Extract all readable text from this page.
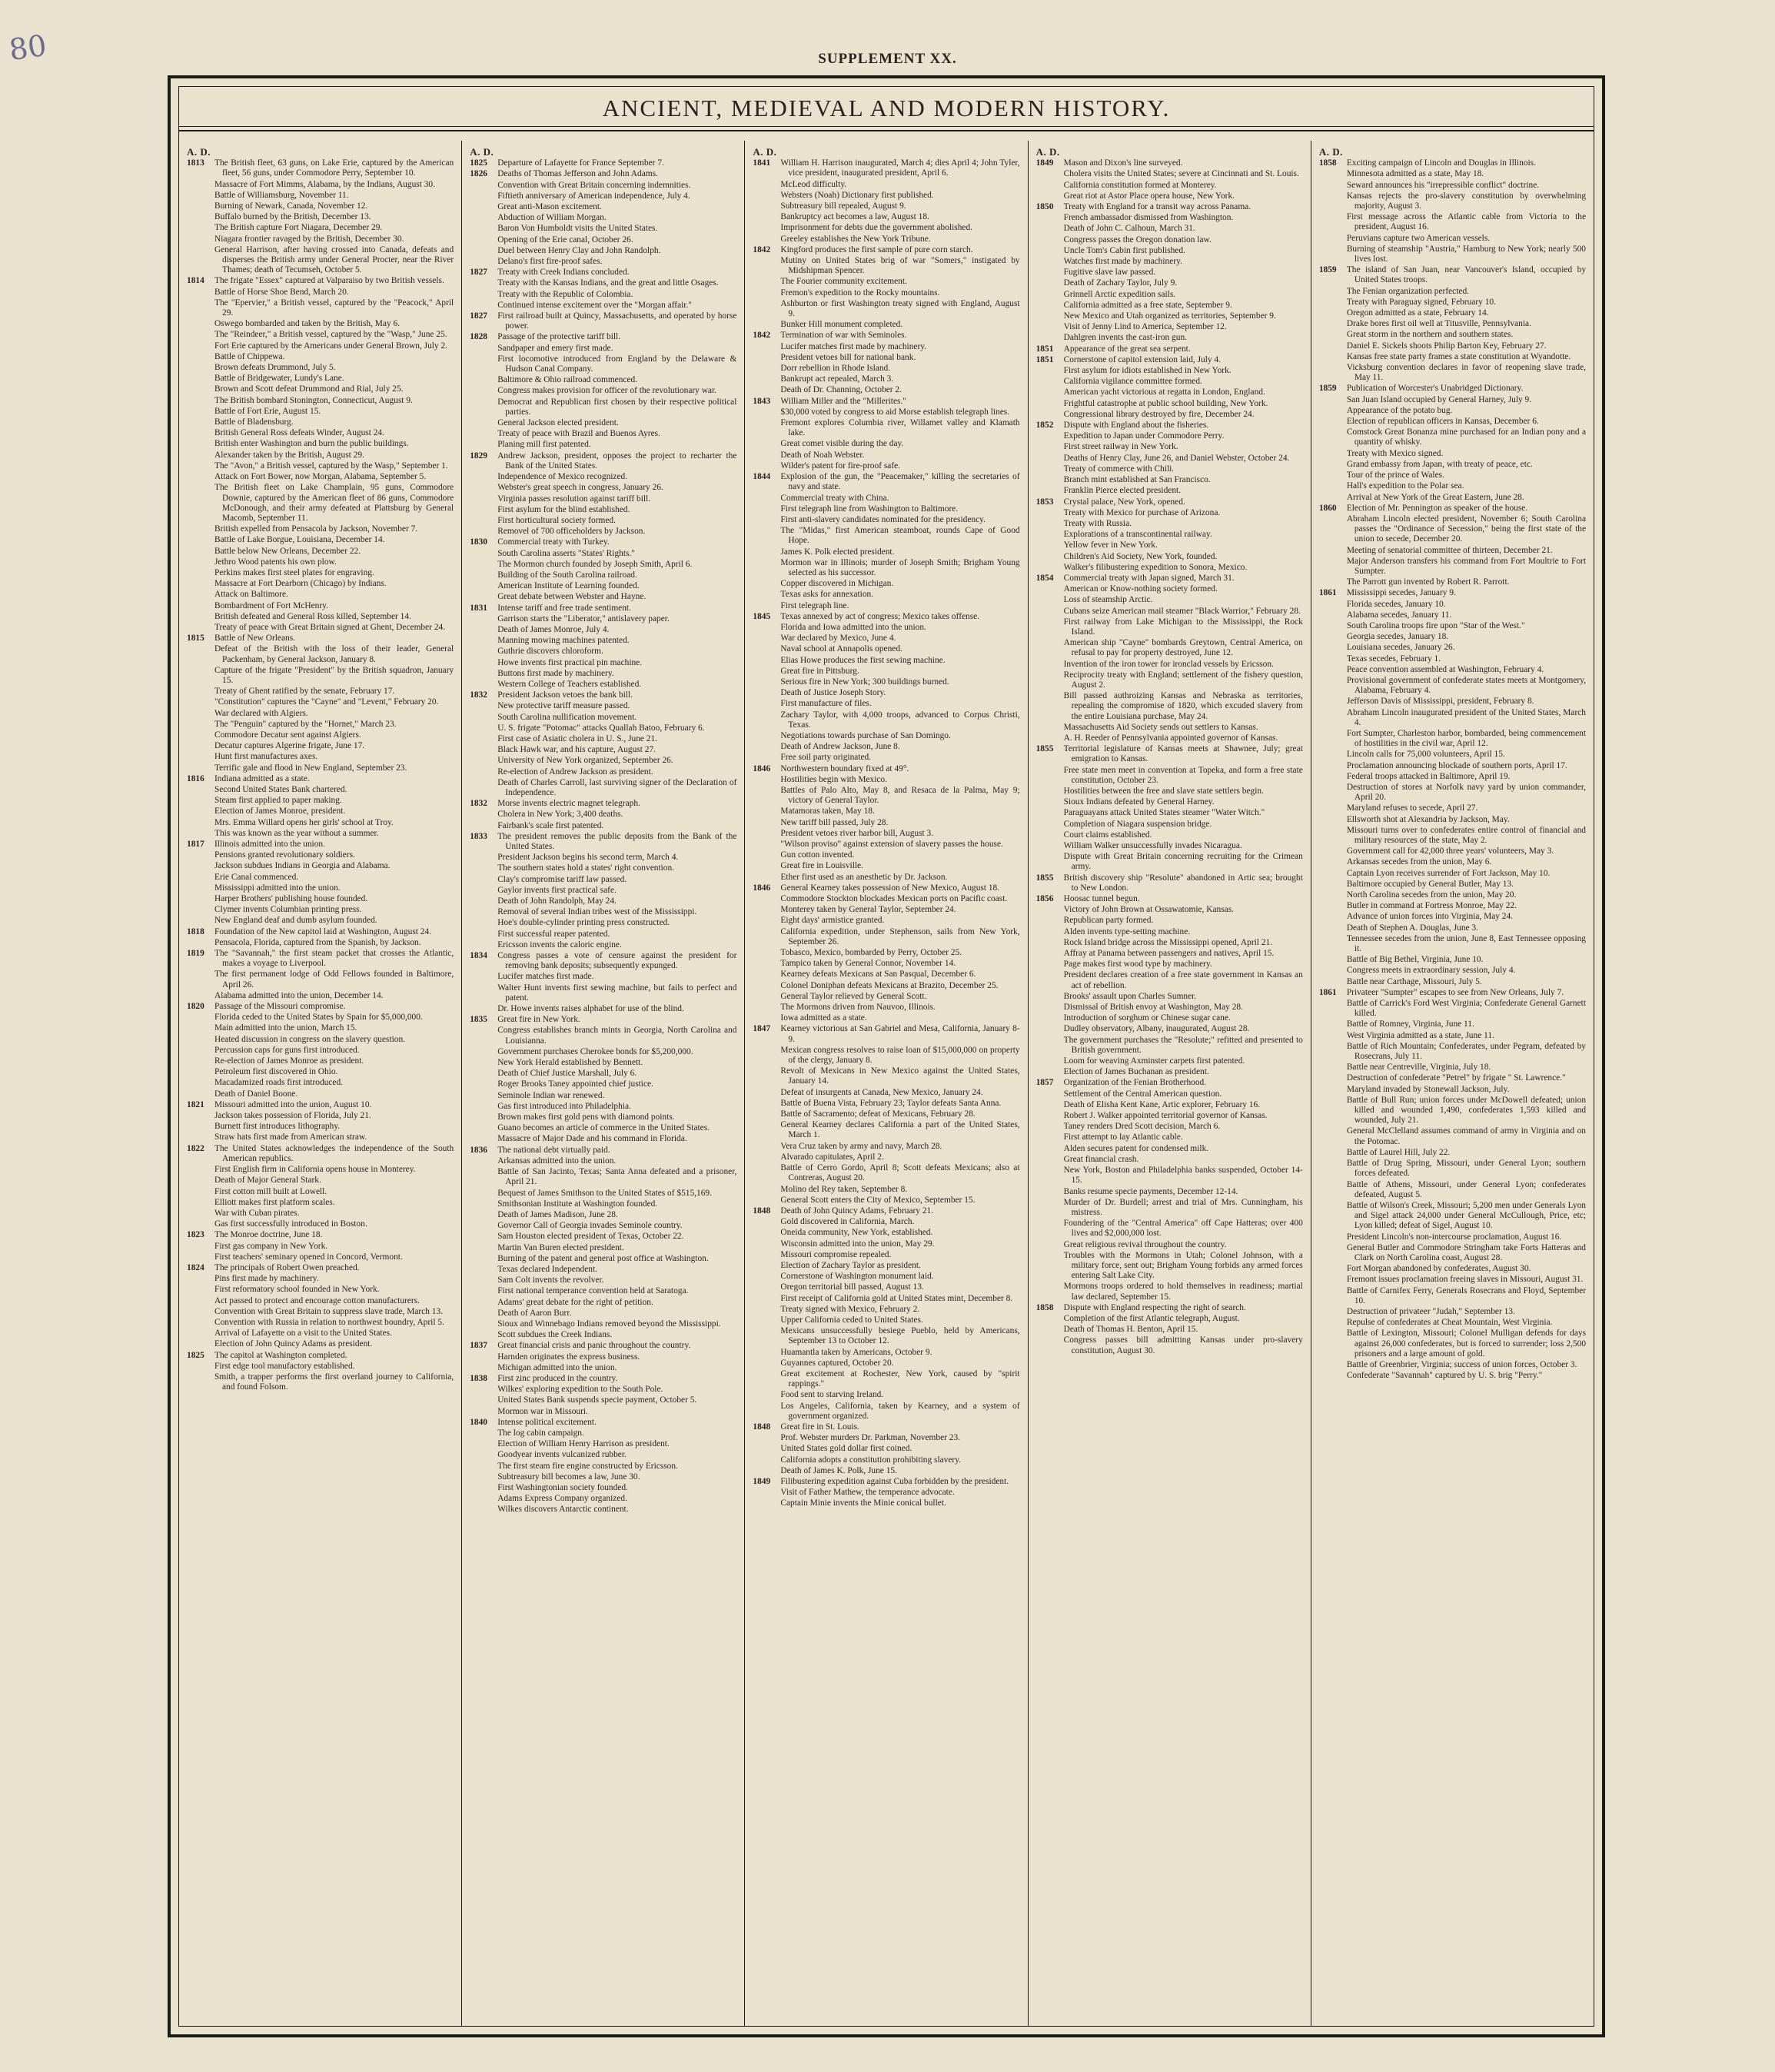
80	SUPPLEMENT XX.
ANCIENT, MEDIEVAL AND MODERN HISTORY.
A. D.
1813	The British fleet, 63 guns, on Lake Erie, captured by the American fleet, 56 guns, under Commodore Perry, September 10.
Massacre of Fort Mimms, Alabama, by the Indians, August 30.
Battle of Williamsburg, November 11.
Burning of Newark, Canada, November 12.
Buffalo burned by the British, December 13.
The British capture Fort Niagara, December 29.
Niagara frontier ravaged by the British, December 30.
General Harrison, after having crossed into Canada, defeats and disperses the British army under General Procter, near the River Thames; death of Tecumseh, October 5.
1814	The frigate "Essex" captured at Valparaiso by two British vessels.
Battle of Horse Shoe Bend, March 20.
The "Epervier," a British vessel, captured by the "Peacock," April 29.
Oswego bombarded and taken by the British, May 6.
The "Reindeer," a British vessel, captured by the "Wasp," June 25.
Fort Erie captured by the Americans under General Brown, July 2.
Battle of Chippewa.
Brown defeats Drummond, July 5.
Battle of Bridgewater, Lundy's Lane.
Brown and Scott defeat Drummond and Rial, July 25.
The British bombard Stonington, Connecticut, August 9.
Battle of Fort Erie, August 15.
Battle of Bladensburg.
British General Ross defeats Winder, August 24.
British enter Washington and burn the public buildings.
Alexander taken by the British, August 29.
The "Avon," a British vessel, captured by the Wasp," September 1.
Attack on Fort Bower, now Morgan, Alabama, September 5.
The British fleet on Lake Champlain, 95 guns, Commodore Downie, captured by the American fleet of 86 guns, Commodore McDonough, and their army defeated at Plattsburg by General Macomb, September 11.
British expelled from Pensacola by Jackson, November 7.
Battle of Lake Borgue, Louisiana, December 14.
Battle below New Orleans, December 22.
Jethro Wood patents his own plow.
Perkins makes first steel plates for engraving.
Massacre at Fort Dearborn (Chicago) by Indians.
Attack on Baltimore.
Bombardment of Fort McHenry.
British defeated and General Ross killed, September 14.
Treaty of peace with Great Britain signed at Ghent, December 24.
1815	Battle of New Orleans.
Defeat of the British with the loss of their leader, General Packenham, by General Jackson, January 8.
Capture of the frigate "President" by the British squadron, January 15.
Treaty of Ghent ratified by the senate, February 17.
"Constitution" captures the "Cayne" and "Levent," February 20.
War declared with Algiers.
The "Penguin" captured by the "Hornet," March 23.
Commodore Decatur sent against Algiers.
Decatur captures Algerine frigate, June 17.
Hunt first manufactures axes.
Terrific gale and flood in New England, September 23.
1816	Indiana admitted as a state.
Second United States Bank chartered.
Steam first applied to paper making.
Election of James Monroe, president.
Mrs. Emma Willard opens her girls' school at Troy.
This was known as the year without a summer.
1817	Illinois admitted into the union.
Pensions granted revolutionary soldiers.
Jackson subdues Indians in Georgia and Alabama.
Erie Canal commenced.
Mississippi admitted into the union.
Harper Brothers' publishing house founded.
Clymer invents Columbian printing press.
New England deaf and dumb asylum founded.
1818	Foundation of the New capitol laid at Washington, August 24.
Pensacola, Florida, captured from the Spanish, by Jackson.
1819	The "Savannah," the first steam packet that crosses the Atlantic, makes a voyage to Liverpool.
The first permanent lodge of Odd Fellows founded in Baltimore, April 26.
Alabama admitted into the union, December 14.
1820	Passage of the Missouri compromise.
Florida ceded to the United States by Spain for $5,000,000.
Main admitted into the union, March 15.
Heated discussion in congress on the slavery question.
Percussion caps for guns first introduced.
Re-election of James Monroe as president.
Petroleum first discovered in Ohio.
Macadamized roads first introduced.
Death of Daniel Boone.
1821	Missouri admitted into the union, August 10.
Jackson takes possession of Florida, July 21.
Burnett first introduces lithography.
Straw hats first made from American straw.
1822	The United States acknowledges the independence of the South American republics.
First English firm in California opens house in Monterey.
Death of Major General Stark.
First cotton mill built at Lowell.
Elliott makes first platform scales.
War with Cuban pirates.
Gas first successfully introduced in Boston.
1823	The Monroe doctrine, June 18.
First gas company in New York.
First teachers' seminary opened in Concord, Vermont.
1824	The principals of Robert Owen preached.
Pins first made by machinery.
First reformatory school founded in New York.
Act passed to protect and encourage cotton manufacturers.
Convention with Great Britain to suppress slave trade, March 13.
Convention with Russia in relation to northwest boundry, April 5.
Arrival of Lafayette on a visit to the United States.
Election of John Quincy Adams as president.
1825	The capitol at Washington completed.
First edge tool manufactory established.
Smith, a trapper performs the first overland journey to California, and found Folsom.
A. D.
1825	Departure of Lafayette for France September 7.
1826	Deaths of Thomas Jefferson and John Adams.
Convention with Great Britain concerning indemnities.
Fiftieth anniversary of American independence, July 4.
Great anti-Mason excitement.
Abduction of William Morgan.
Baron Von Humboldt visits the United States.
Opening of the Erie canal, October 26.
Duel between Henry Clay and John Randolph.
Delano's first fire-proof safes.
1827	Treaty with Creek Indians concluded.
Treaty with the Kansas Indians, and the great and little Osages.
Treaty with the Republic of Colombia.
Continued intense excitement over the "Morgan affair."
1827	First railroad built at Quincy, Massachusetts, and operated by horse power.
1828	Passage of the protective tariff bill.
Sandpaper and emery first made.
First locomotive introduced from England by the Delaware & Hudson Canal Company.
Baltimore & Ohio railroad commenced.
Congress makes provision for officer of the revolutionary war.
Democrat and Republican first chosen by their respective political parties.
General Jackson elected president.
Treaty of peace with Brazil and Buenos Ayres.
Planing mill first patented.
1829	Andrew Jackson, president, opposes the project to recharter the Bank of the United States.
Independence of Mexico recognized.
Webster's great speech in congress, January 26.
Virginia passes resolution against tariff bill.
First asylum for the blind established.
First horticultural society formed.
Removel of 700 officeholders by Jackson.
1830	Commercial treaty with Turkey.
South Carolina asserts "States' Rights."
The Mormon church founded by Joseph Smith, April 6.
Building of the South Carolina railroad.
American Institute of Learning founded.
Great debate between Webster and Hayne.
1831	Intense tariff and free trade sentiment.
Garrison starts the "Liberator," antislavery paper.
Death of James Monroe, July 4.
Manning mowing machines patented.
Guthrie discovers chloroform.
Howe invents first practical pin machine.
Buttons first made by machinery.
Western College of Teachers established.
1832	President Jackson vetoes the bank bill.
New protective tariff measure passed.
South Carolina nullification movement.
U. S. frigate "Potomac" attacks Quallah Batoo, February 6.
First case of Asiatic cholera in U. S., June 21.
Black Hawk war, and his capture, August 27.
University of New York organized, September 26.
Re-election of Andrew Jackson as president.
Death of Charles Carroll, last surviving signer of the Declaration of Independence.
1832	Morse invents electric magnet telegraph.
Cholera in New York; 3,400 deaths.
Fairbank's scale first patented.
1833	The president removes the public deposits from the Bank of the United States.
President Jackson begins his second term, March 4.
The southern states hold a states' right convention.
Clay's compromise tariff law passed.
Gaylor invents first practical safe.
Death of John Randolph, May 24.
Removal of several Indian tribes west of the Mississippi.
Hoe's double-cylinder printing press constructed.
First successful reaper patented.
Ericsson invents the caloric engine.
1834	Congress passes a vote of censure against the president for removing bank deposits; subsequently expunged.
Lucifer matches first made.
Walter Hunt invents first sewing machine, but fails to perfect and patent.
Dr. Howe invents raises alphabet for use of the blind.
1835	Great fire in New York.
Congress establishes branch mints in Georgia, North Carolina and Louisianna.
Government purchases Cherokee bonds for $5,200,000.
New York Herald established by Bennett.
Death of Chief Justice Marshall, July 6.
Roger Brooks Taney appointed chief justice.
Seminole Indian war renewed.
Gas first introduced into Philadelphia.
Brown makes first gold pens with diamond points.
Guano becomes an article of commerce in the United States.
Massacre of Major Dade and his command in Florida.
1836	The national debt virtually paid.
Arkansas admitted into the union.
Battle of San Jacinto, Texas; Santa Anna defeated and a prisoner, April 21.
Bequest of James Smithson to the United States of $515,169.
Smithsonian Institute at Washington founded.
Death of James Madison, June 28.
Governor Call of Georgia invades Seminole country.
Sam Houston elected president of Texas, October 22.
Martin Van Buren elected president.
Burning of the patent and general post office at Washington.
Texas declared Independent.
Sam Colt invents the revolver.
First national temperance convention held at Saratoga.
Adams' great debate for the right of petition.
Death of Aaron Burr.
Sioux and Winnebago Indians removed beyond the Mississippi.
Scott subdues the Creek Indians.
1837	Great financial crisis and panic throughout the country.
Harnden originates the express business.
Michigan admitted into the union.
1838	First zinc produced in the country.
Wilkes' exploring expedition to the South Pole.
United States Bank suspends specie payment, October 5.
Mormon war in Missouri.
1840	Intense political excitement.
The log cabin campaign.
Election of William Henry Harrison as president.
Goodyear invents vulcanized rubber.
The first steam fire engine constructed by Ericsson.
Subtreasury bill becomes a law, June 30.
First Washingtonian society founded.
Adams Express Company organized.
Wilkes discovers Antarctic continent.
A. D.
1841	William H. Harrison inaugurated, March 4; dies April 4; John Tyler, vice president, inaugurated president, April 6.
McLeod difficulty.
Websters (Noah) Dictionary first published.
Subtreasury bill repealed, August 9.
Bankruptcy act becomes a law, August 18.
Imprisonment for debts due the government abolished.
Greeley establishes the New York Tribune.
1842	Kingford produces the first sample of pure corn starch.
Mutiny on United States brig of war "Somers," instigated by Midshipman Spencer.
The Fourier community excitement.
Fremon's expedition to the Rocky mountains.
Ashburton or first Washington treaty signed with England, August 9.
Bunker Hill monument completed.
1842	Termination of war with Seminoles.
Lucifer matches first made by machinery.
President vetoes bill for national bank.
Dorr rebellion in Rhode Island.
Bankrupt act repealed, March 3.
Death of Dr. Channing, October 2.
1843	William Miller and the "Millerites."
$30,000 voted by congress to aid Morse establish telegraph lines.
Fremont explores Columbia river, Willamet valley and Klamath lake.
Great comet visible during the day.
Death of Noah Webster.
Wilder's patent for fire-proof safe.
1844	Explosion of the gun, the "Peacemaker," killing the secretaries of navy and state.
Commercial treaty with China.
First telegraph line from Washington to Baltimore.
First anti-slavery candidates nominated for the presidency.
The "Midas," first American steamboat, rounds Cape of Good Hope.
James K. Polk elected president.
Mormon war in Illinois; murder of Joseph Smith; Brigham Young selected as his successor.
Copper discovered in Michigan.
Texas asks for annexation.
First telegraph line.
1845	Texas annexed by act of congress; Mexico takes offense.
Florida and Iowa admitted into the union.
War declared by Mexico, June 4.
Naval school at Annapolis opened.
Elias Howe produces the first sewing machine.
Great fire in Pittsburg.
Serious fire in New York; 300 buildings burned.
Death of Justice Joseph Story.
First manufacture of files.
Zachary Taylor, with 4,000 troops, advanced to Corpus Christi, Texas.
Negotiations towards purchase of San Domingo.
Death of Andrew Jackson, June 8.
Free soil party originated.
1846	Northwestern boundary fixed at 49°.
Hostilities begin with Mexico.
Battles of Palo Alto, May 8, and Resaca de la Palma, May 9; victory of General Taylor.
Matamoras taken, May 18.
New tariff bill passed, July 28.
President vetoes river harbor bill, August 3.
"Wilson proviso" against extension of slavery passes the house.
Gun cotton invented.
Great fire in Louisville.
Ether first used as an anesthetic by Dr. Jackson.
1846	General Kearney takes possession of New Mexico, August 18.
Commodore Stockton blockades Mexican ports on Pacific coast.
Monterey taken by General Taylor, September 24.
Eight days' armistice granted.
California expedition, under Stephenson, sails from New York, September 26.
Tobasco, Mexico, bombarded by Perry, October 25.
Tampico taken by General Connor, November 14.
Kearney defeats Mexicans at San Pasqual, December 6.
Colonel Doniphan defeats Mexicans at Brazito, December 25.
General Taylor relieved by General Scott.
The Mormons driven from Nauvoo, Illinois.
Iowa admitted as a state.
1847	Kearney victorious at San Gabriel and Mesa, California, January 8-9.
Mexican congress resolves to raise loan of $15,000,000 on property of the clergy, January 8.
Revolt of Mexicans in New Mexico against the United States, January 14.
Defeat of insurgents at Canada, New Mexico, January 24.
Battle of Buena Vista, February 23; Taylor defeats Santa Anna.
Battle of Sacramento; defeat of Mexicans, February 28.
General Kearney declares California a part of the United States, March 1.
Vera Cruz taken by army and navy, March 28.
Alvarado capitulates, April 2.
Battle of Cerro Gordo, April 8; Scott defeats Mexicans; also at Contreras, August 20.
Molino del Rey taken, September 8.
General Scott enters the City of Mexico, September 15.
1848	Death of John Quincy Adams, February 21.
Gold discovered in California, March.
Oneida community, New York, established.
Wisconsin admitted into the union, May 29.
Missouri compromise repealed.
Election of Zachary Taylor as president.
Cornerstone of Washington monument laid.
Oregon territorial bill passed, August 13.
First receipt of California gold at United States mint, December 8.
Treaty signed with Mexico, February 2.
Upper California ceded to United States.
Mexicans unsuccessfully besiege Pueblo, held by Americans, September 13 to October 12.
Huamantla taken by Americans, October 9.
Guyannes captured, October 20.
Great excitement at Rochester, New York, caused by "spirit rappings."
Food sent to starving Ireland.
Los Angeles, California, taken by Kearney, and a system of government organized.
1848	Great fire in St. Louis.
Prof. Webster murders Dr. Parkman, November 23.
United States gold dollar first coined.
California adopts a constitution prohibiting slavery.
Death of James K. Polk, June 15.
1849	Filibustering expedition against Cuba forbidden by the president.
Visit of Father Mathew, the temperance advocate.
Captain Minie invents the Minie conical bullet.
A. D.
1849	Mason and Dixon's line surveyed.
Cholera visits the United States; severe at Cincinnati and St. Louis.
California constitution formed at Monterey.
Great riot at Astor Place opera house, New York.
1850	Treaty with England for a transit way across Panama.
French ambassador dismissed from Washington.
Death of John C. Calhoun, March 31.
Congress passes the Oregon donation law.
Uncle Tom's Cabin first published.
Watches first made by machinery.
Fugitive slave law passed.
Death of Zachary Taylor, July 9.
Grinnell Arctic expedition sails.
California admitted as a free state, September 9.
New Mexico and Utah organized as territories, September 9.
Visit of Jenny Lind to America, September 12.
Dahlgren invents the cast-iron gun.
1851	Appearance of the great sea serpent.
1851	Cornerstone of capitol extension laid, July 4.
First asylum for idiots established in New York.
California vigilance committee formed.
American yacht victorious at regatta in London, England.
Frightful catastrophe at public school building, New York.
Congressional library destroyed by fire, December 24.
1852	Dispute with England about the fisheries.
Expedition to Japan under Commodore Perry.
First street railway in New York.
Deaths of Henry Clay, June 26, and Daniel Webster, October 24.
Treaty of commerce with Chili.
Branch mint established at San Francisco.
Franklin Pierce elected president.
1853	Crystal palace, New York, opened.
Treaty with Mexico for purchase of Arizona.
Treaty with Russia.
Explorations of a transcontinental railway.
Yellow fever in New York.
Children's Aid Society, New York, founded.
Walker's filibustering expedition to Sonora, Mexico.
1854	Commercial treaty with Japan signed, March 31.
American or Know-nothing society formed.
Loss of steamship Arctic.
Cubans seize American mail steamer "Black Warrior," February 28.
First railway from Lake Michigan to the Mississippi, the Rock Island.
American ship "Cayne" bombards Greytown, Central America, on refusal to pay for property destroyed, June 12.
Invention of the iron tower for ironclad vessels by Ericsson.
Reciprocity treaty with England; settlement of the fishery question, August 2.
Bill passed authroizing Kansas and Nebraska as territories, repealing the compromise of 1820, which excuded slavery from the entire Louisiana purchase, May 24.
Massachusetts Aid Society sends out settlers to Kansas.
A. H. Reeder of Pennsylvania appointed governor of Kansas.
1855	Territorial legislature of Kansas meets at Shawnee, July; great emigration to Kansas.
Free state men meet in convention at Topeka, and form a free state constitution, October 23.
Hostilities between the free and slave state settlers begin.
Sioux Indians defeated by General Harney.
Paraguayans attack United States steamer "Water Witch."
Completion of Niagara suspension bridge.
Court claims established.
William Walker unsuccessfully invades Nicaragua.
Dispute with Great Britain concerning recruiting for the Crimean army.
1855	British discovery ship "Resolute" abandoned in Artic sea; brought to New London.
1856	Hoosac tunnel begun.
Victory of John Brown at Ossawatomie, Kansas.
Republican party formed.
Alden invents type-setting machine.
Rock Island bridge across the Mississippi opened, April 21.
Affray at Panama between passengers and natives, April 15.
Page makes first wood type by machinery.
President declares creation of a free state government in Kansas an act of rebellion.
Brooks' assault upon Charles Sumner.
Dismissal of British envoy at Washington, May 28.
Introduction of sorghum or Chinese sugar cane.
Dudley observatory, Albany, inaugurated, August 28.
The government purchases the "Resolute;" refitted and presented to British government.
Loom for weaving Axminster carpets first patented.
Election of James Buchanan as president.
1857	Organization of the Fenian Brotherhood.
Settlement of the Central American question.
Death of Elisha Kent Kane, Artic explorer, February 16.
Robert J. Walker appointed territorial governor of Kansas.
Taney renders Dred Scott decision, March 6.
First attempt to lay Atlantic cable.
Alden secures patent for condensed milk.
Great financial crash.
New York, Boston and Philadelphia banks suspended, October 14-15.
Banks resume specie payments, December 12-14.
Murder of Dr. Burdell; arrest and trial of Mrs. Cunningham, his mistress.
Foundering of the "Central America" off Cape Hatteras; over 400 lives and $2,000,000 lost.
Great religious revival throughout the country.
Troubles with the Mormons in Utah; Colonel Johnson, with a military force, sent out; Brigham Young forbids any armed forces entering Salt Lake City.
Mormons troops ordered to hold themselves in readiness; martial law declared, September 15.
1858	Dispute with England respecting the right of search.
Completion of the first Atlantic telegraph, August.
Death of Thomas H. Benton, April 15.
Congress passes bill admitting Kansas under pro-slavery constitution, August 30.
A. D.
1858	Exciting campaign of Lincoln and Douglas in Illinois.
Minnesota admitted as a state, May 18.
Seward announces his "irrepressible conflict" doctrine.
Kansas rejects the pro-slavery constitution by overwhelming majority, August 3.
First message across the Atlantic cable from Victoria to the president, August 16.
Peruvians capture two American vessels.
Burning of steamship "Austria," Hamburg to New York; nearly 500 lives lost.
1859	The island of San Juan, near Vancouver's Island, occupied by United States troops.
The Fenian organization perfected.
Treaty with Paraguay signed, February 10.
Oregon admitted as a state, February 14.
Drake bores first oil well at Titusville, Pennsylvania.
Great storm in the northern and southern states.
Daniel E. Sickels shoots Philip Barton Key, February 27.
Kansas free state party frames a state constitution at Wyandotte.
Vicksburg convention declares in favor of reopening slave trade, May 11.
1859	Publication of Worcester's Unabridged Dictionary.
San Juan Island occupied by General Harney, July 9.
Appearance of the potato bug.
Election of republican officers in Kansas, December 6.
Comstock Great Bonanza mine purchased for an Indian pony and a quantity of whisky.
Treaty with Mexico signed.
Grand embassy from Japan, with treaty of peace, etc.
Tour of the prince of Wales.
Hall's expedition to the Polar sea.
Arrival at New York of the Great Eastern, June 28.
1860	Election of Mr. Pennington as speaker of the house.
Abraham Lincoln elected president, November 6; South Carolina passes the "Ordinance of Secession," being the first state of the union to secede, December 20.
Meeting of senatorial committee of thirteen, December 21.
Major Anderson transfers his command from Fort Moultrie to Fort Sumpter.
The Parrott gun invented by Robert R. Parrott.
1861	Mississippi secedes, January 9.
Florida secedes, January 10.
Alabama secedes, January 11.
South Carolina troops fire upon "Star of the West."
Georgia secedes, January 18.
Louisiana secedes, January 26.
Texas secedes, February 1.
Peace convention assembled at Washington, February 4.
Provisional government of confederate states meets at Montgomery, Alabama, February 4.
Jefferson Davis of Mississippi, president, February 8.
Abraham Lincoln inaugurated president of the United States, March 4.
Fort Sumpter, Charleston harbor, bombarded, being commencement of hostilities in the civil war, April 12.
Lincoln calls for 75,000 volunteers, April 15.
Proclamation announcing blockade of southern ports, April 17.
Federal troops attacked in Baltimore, April 19.
Destruction of stores at Norfolk navy yard by union commander, April 20.
Maryland refuses to secede, April 27.
Ellsworth shot at Alexandria by Jackson, May.
Missouri turns over to confederates entire control of financial and military resources of the state, May 2.
Government call for 42,000 three years' volunteers, May 3.
Arkansas secedes from the union, May 6.
Captain Lyon receives surrender of Fort Jackson, May 10.
Baltimore occupied by General Butler, May 13.
North Carolina secedes from the union, May 20.
Butler in command at Fortress Monroe, May 22.
Advance of union forces into Virginia, May 24.
Death of Stephen A. Douglas, June 3.
Tennessee secedes from the union, June 8, East Tennessee opposing it.
Battle of Big Bethel, Virginia, June 10.
Congress meets in extraordinary session, July 4.
Battle near Carthage, Missouri, July 5.
1861	Privateer "Sumpter" escapes to see from New Orleans, July 7.
Battle of Carrick's Ford West Virginia; Confederate General Garnett killed.
Battle of Romney, Virginia, June 11.
West Virginia admitted as a state, June 11.
Battle of Rich Mountain; Confederates, under Pegram, defeated by Rosecrans, July 11.
Battle near Centreville, Virginia, July 18.
Destruction of confederate "Petrel" by frigate " St. Lawrence."
Maryland invaded by Stonewall Jackson, July.
Battle of Bull Run; union forces under McDowell defeated; union killed and wounded 1,490, confederates 1,593 killed and wounded, July 21.
General McClelland assumes command of army in Virginia and on the Potomac.
Battle of Laurel Hill, July 22.
Battle of Drug Spring, Missouri, under General Lyon; southern forces defeated.
Battle of Athens, Missouri, under General Lyon; confederates defeated, August 5.
Battle of Wilson's Creek, Missouri; 5,200 men under Generals Lyon and Sigel attack 24,000 under General McCullough, Price, etc; Lyon killed; defeat of Sigel, August 10.
President Lincoln's non-intercourse proclamation, August 16.
General Butler and Commodore Stringham take Forts Hatteras and Clark on North Carolina coast, August 28.
Fort Morgan abandoned by confederates, August 30.
Fremont issues proclamation freeing slaves in Missouri, August 31.
Battle of Carnifex Ferry, Generals Rosecrans and Floyd, September 10.
Destruction of privateer "Judah," September 13.
Repulse of confederates at Cheat Mountain, West Virginia.
Battle of Lexington, Missouri; Colonel Mulligan defends for days against 26,000 confederates, but is forced to surrender; loss 2,500 prisoners and a large amount of gold.
Battle of Greenbrier, Virginia; success of union forces, October 3.
Confederate "Savannah" captured by U. S. brig "Perry."
